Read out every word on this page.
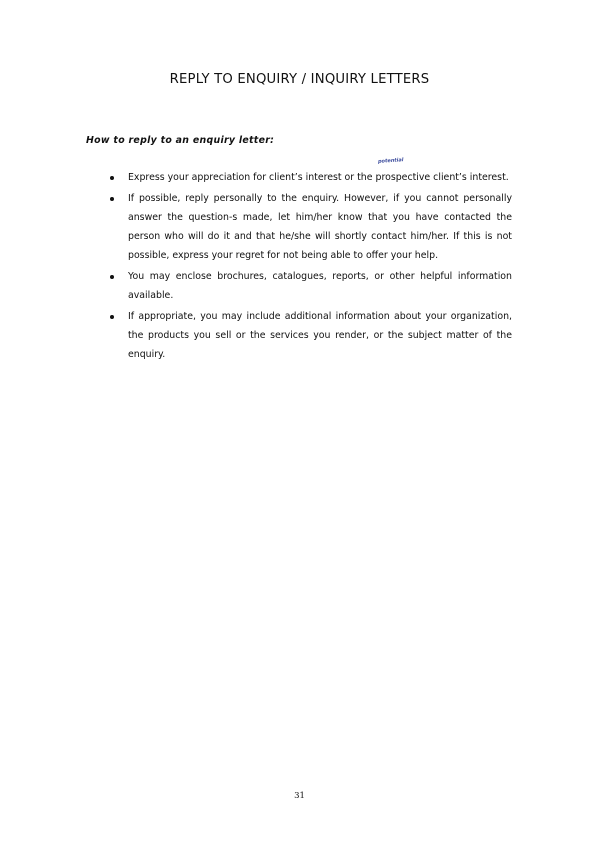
REPLY TO ENQUIRY / INQUIRY LETTERS
How to reply to an enquiry letter:
Express your appreciation for client’s interest or the
potential
prospective client’s interest.
If possible, reply personally to the enquiry. However, if you cannot personally answer the question-s made, let him/her know that you have contacted the person who will do it and that he/she will shortly contact him/her. If this is not possible, express your regret for not being able to offer your help.
You may enclose brochures, catalogues, reports, or other helpful information available.
If appropriate, you may include additional information about your organization, the products you sell or the services you render, or the subject matter of the enquiry.
31
